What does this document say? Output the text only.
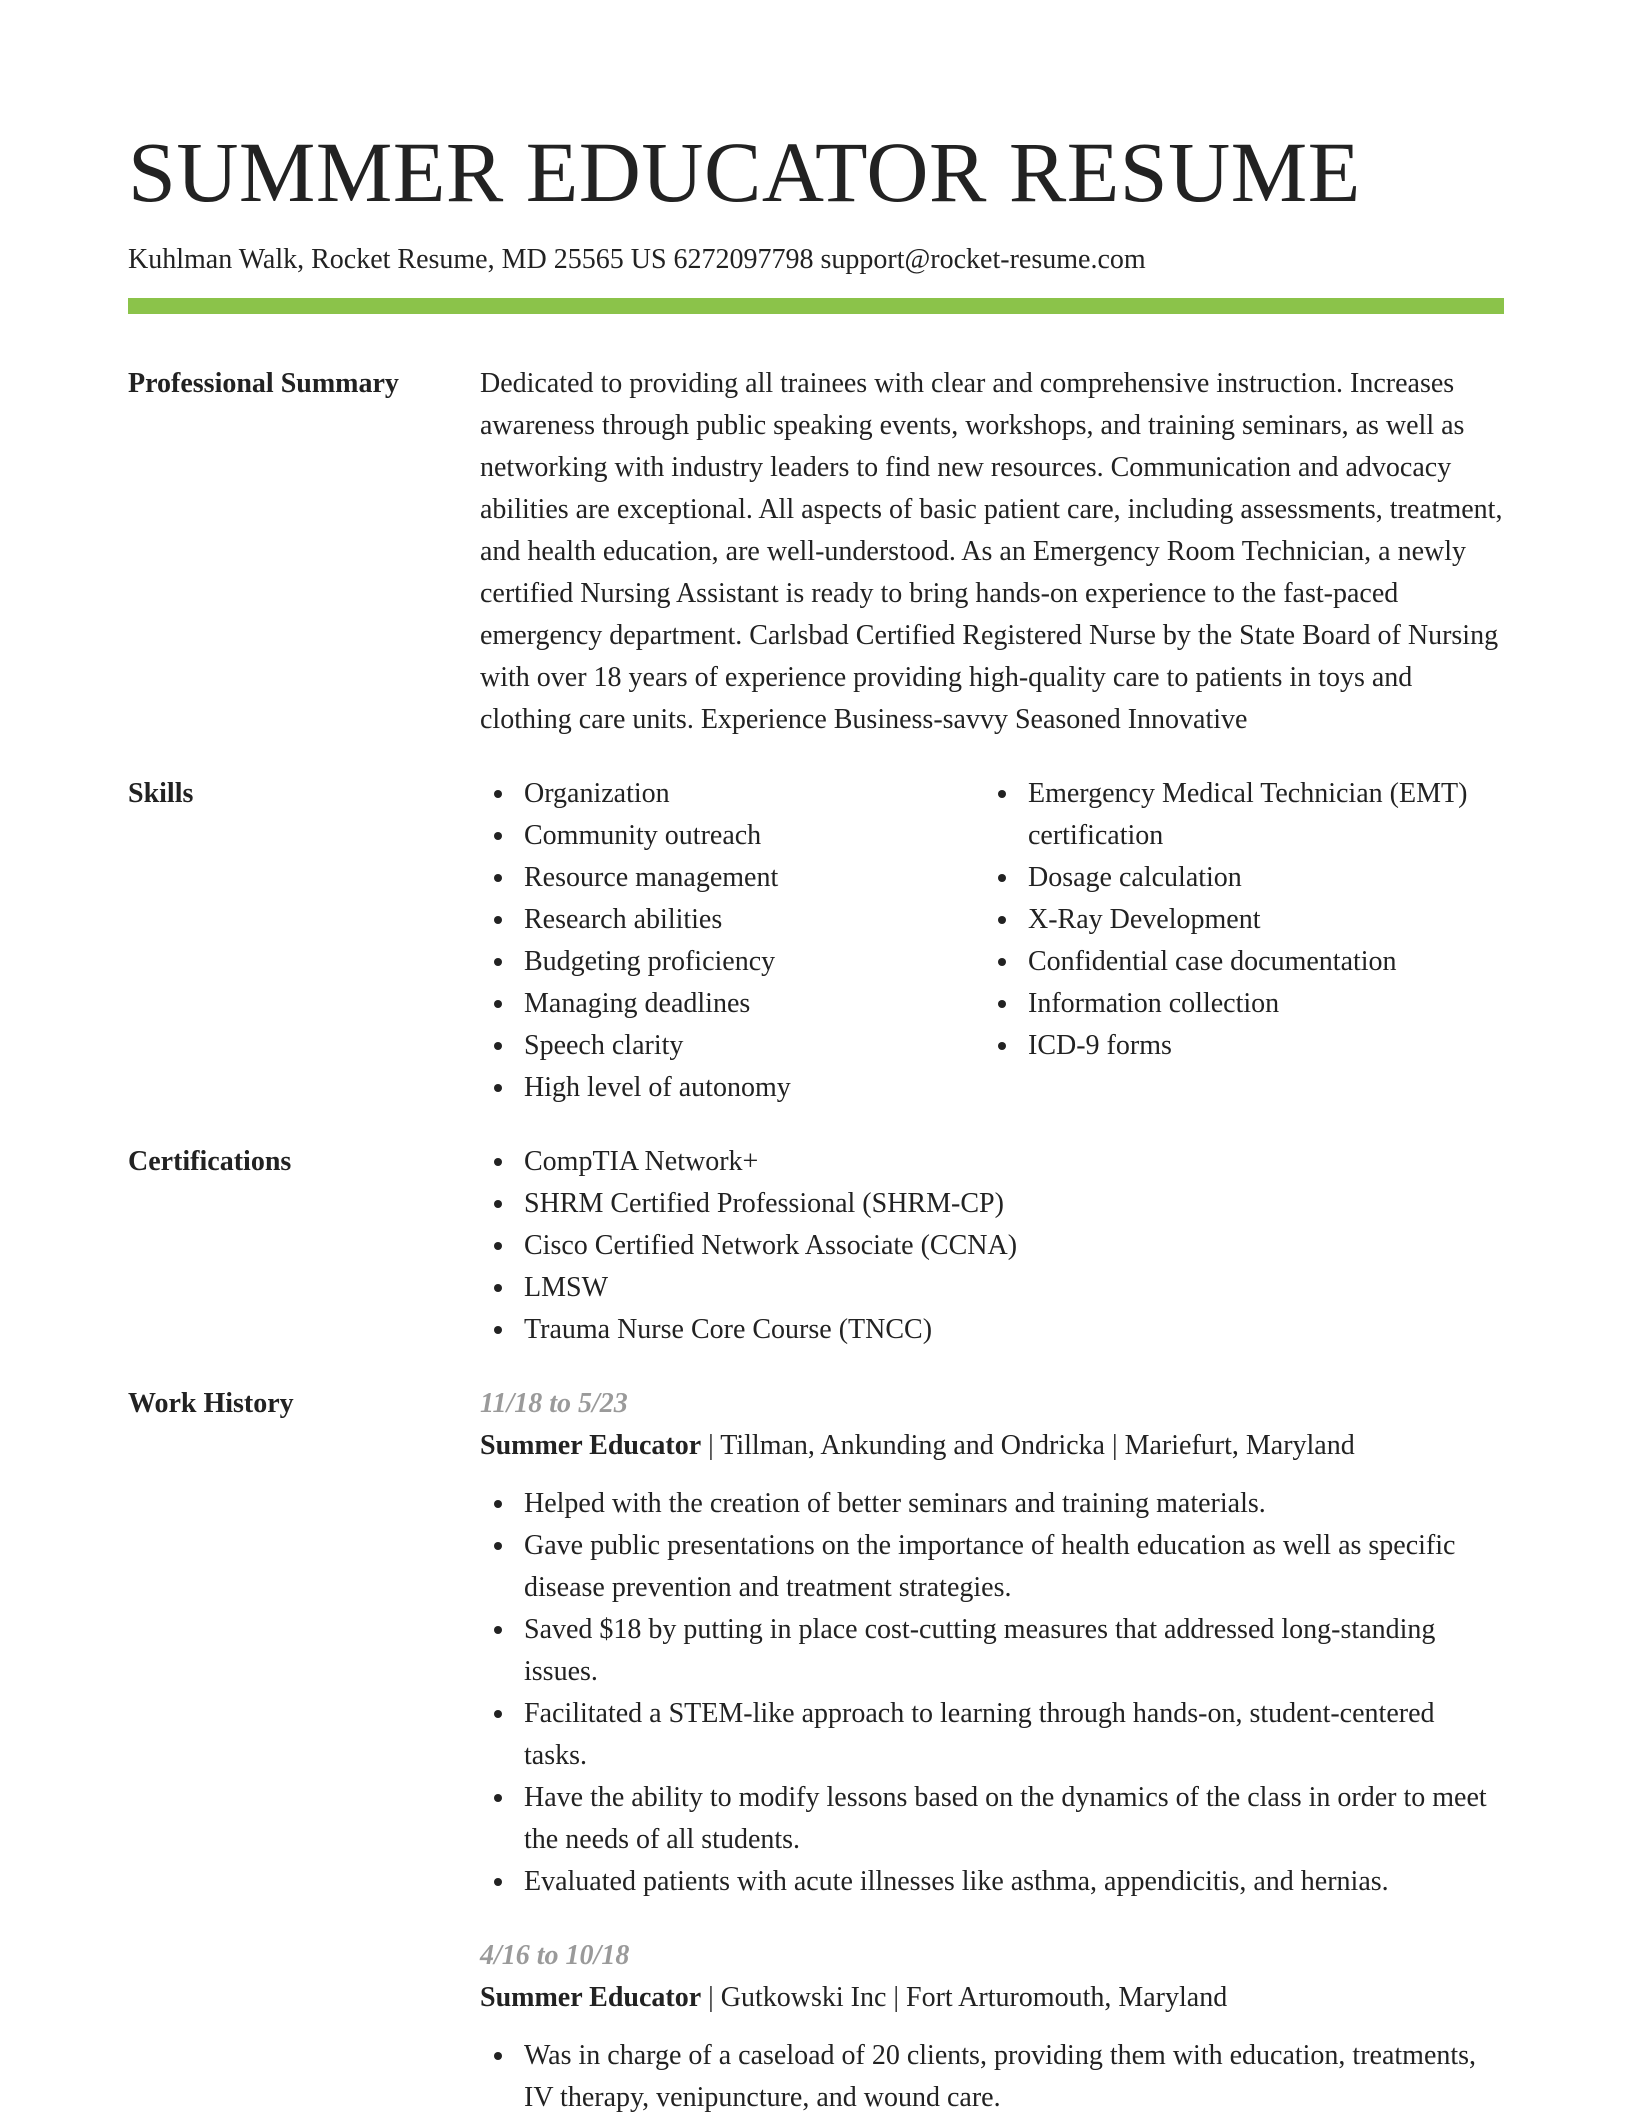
SUMMER EDUCATOR RESUME
Kuhlman Walk, Rocket Resume, MD 25565 US 6272097798 support@rocket-resume.com
Professional Summary	Dedicated to providing all trainees with clear and comprehensive instruction. Increases awareness through public speaking events, workshops, and training seminars, as well as networking with industry leaders to find new resources. Communication and advocacy abilities are exceptional. All aspects of basic patient care, including assessments, treatment, and health education, are well-understood. As an Emergency Room Technician, a newly certified Nursing Assistant is ready to bring hands-on experience to the fast-paced emergency department. Carlsbad Certified Registered Nurse by the State Board of Nursing with over 18 years of experience providing high-quality care to patients in toys and clothing care units. Experience Business-savvy Seasoned Innovative
Skills	Organization
Community outreach
Resource management
Research abilities
Budgeting proficiency
Managing deadlines
Speech clarity
High level of autonomy
Emergency Medical Technician (EMT) certification
Dosage calculation
X-Ray Development
Confidential case documentation
Information collection
ICD-9 forms
Certifications	CompTIA Network+
SHRM Certified Professional (SHRM-CP)
Cisco Certified Network Associate (CCNA)
LMSW
Trauma Nurse Core Course (TNCC)
Work History	11/18 to 5/23
Summer Educator | Tillman, Ankunding and Ondricka | Mariefurt, Maryland
Helped with the creation of better seminars and training materials.
Gave public presentations on the importance of health education as well as specific disease prevention and treatment strategies.
Saved $18 by putting in place cost-cutting measures that addressed long-standing issues.
Facilitated a STEM-like approach to learning through hands-on, student-centered tasks.
Have the ability to modify lessons based on the dynamics of the class in order to meet the needs of all students.
Evaluated patients with acute illnesses like asthma, appendicitis, and hernias.
4/16 to 10/18
Summer Educator | Gutkowski Inc | Fort Arturomouth, Maryland
Was in charge of a caseload of 20 clients, providing them with education, treatments, IV therapy, venipuncture, and wound care.
